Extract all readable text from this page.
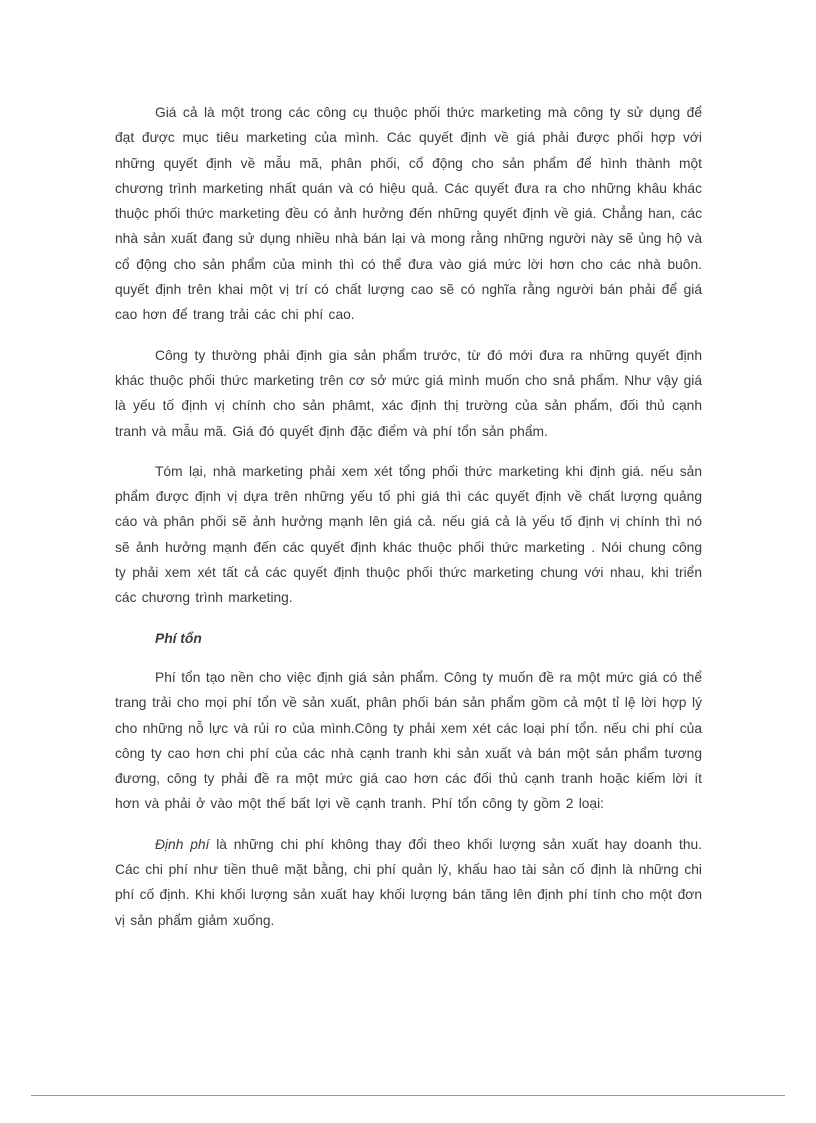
Giá cả là một trong các công cụ thuộc phối thức marketing mà công ty sử dụng để đạt được mục tiêu marketing của mình. Các quyết định về giá phải được phối hợp với những quyết định về mẫu mã, phân phối, cổ động cho sản phẩm để hình thành một chương trình marketing nhất quán và có hiệu quả. Các quyết đưa ra cho những khâu khác thuộc phối thức marketing đều có ảnh hưởng đến những quyết định về giá. Chẳng han, các nhà sản xuất đang sử dụng nhiều nhà bán lại và mong rằng những người này sẽ ủng hộ và cổ động cho sản phẩm của mình thì có thể đưa vào giá mức lời hơn cho các nhà buôn. quyết định trên khai một vị trí có chất lượng cao sẽ có nghĩa rằng người bán phải để giá cao hơn để trang trải các chi phí cao.

Công ty thường phải định gia sản phẩm trước, từ đó mới đưa ra những quyết định khác thuộc phối thức marketing trên cơ sở mức giá mình muốn cho snả phẩm. Như vậy giá là yếu tố định vị chính cho sản phâmt, xác định thị trường của sản phẩm, đối thủ cạnh tranh và mẫu mã. Giá đó quyết định đặc điểm và phí tổn sản phẩm.

Tóm lại, nhà marketing phải xem xét tổng phối thức marketing khi định giá. nếu sản phẩm được định vị dựa trên những yếu tố phi giá thì các quyết định về chất lượng quảng cáo và phân phối sẽ ảnh hưởng mạnh lên giá cả. nếu giá cả là yếu tố định vị chính thì nó sẽ ảnh hưởng mạnh đến các quyết định khác thuộc phối thức marketing . Nói chung công ty phải xem xét tất cả các quyết định thuộc phối thức marketing chung với nhau, khi triển các chương trình marketing.

Phí tổn

Phí tổn tạo nền cho việc định giá sản phẩm. Công ty muốn đề ra một mức giá có thể trang trải cho mọi phí tổn về sản xuất, phân phối bán sản phẩm gồm cả một tỉ lệ lời hợp lý cho những nỗ lực và rủi ro của mình.Công ty phải xem xét các loại phí tổn. nếu chi phí của công ty cao hơn chi phí của các nhà cạnh tranh khi sản xuất và bán một sản phẩm tương đương, công ty phải đề ra một mức giá cao hơn các đối thủ cạnh tranh hoặc kiếm lời ít hơn và phải ở vào một thế bất lợi về cạnh tranh. Phí tổn công ty gồm 2 loại:

Định phí là những chi phí không thay đổi theo khối lượng sản xuất hay doanh thu. Các chi phí như tiền thuê mặt bằng, chi phí quản lý, khấu hao tài sản cố định là những chi phí cố định. Khi khối lượng sản xuất hay khối lượng bán tăng lên định phí tính cho một đơn vị sản phẩm giảm xuống.
